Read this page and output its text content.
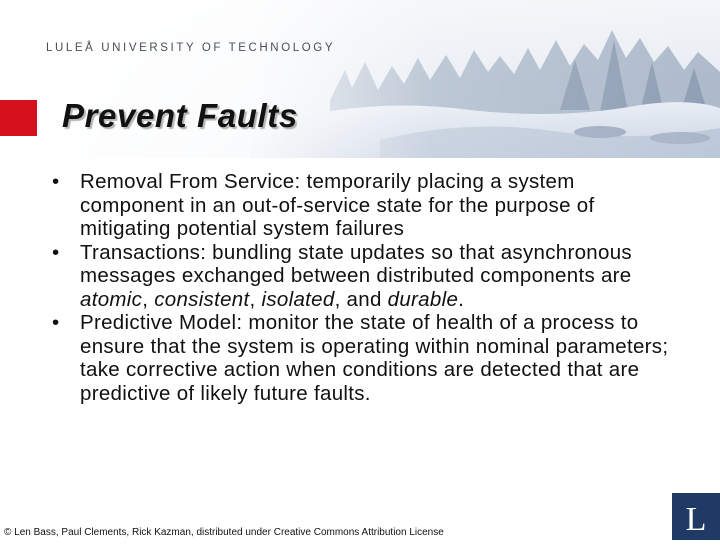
LULEÅ UNIVERSITY OF TECHNOLOGY
Prevent Faults
•	Removal From Service: temporarily placing a system component in an out-of-service state for the purpose of mitigating potential system failures
•	Transactions: bundling state updates so that asynchronous messages exchanged between distributed components are atomic, consistent, isolated, and durable.
•	Predictive Model: monitor the state of health of a process to ensure that the system is operating within nominal parameters; take corrective action when conditions are detected that are predictive of likely future faults.
© Len Bass, Paul Clements, Rick Kazman, distributed under Creative Commons Attribution License	L
